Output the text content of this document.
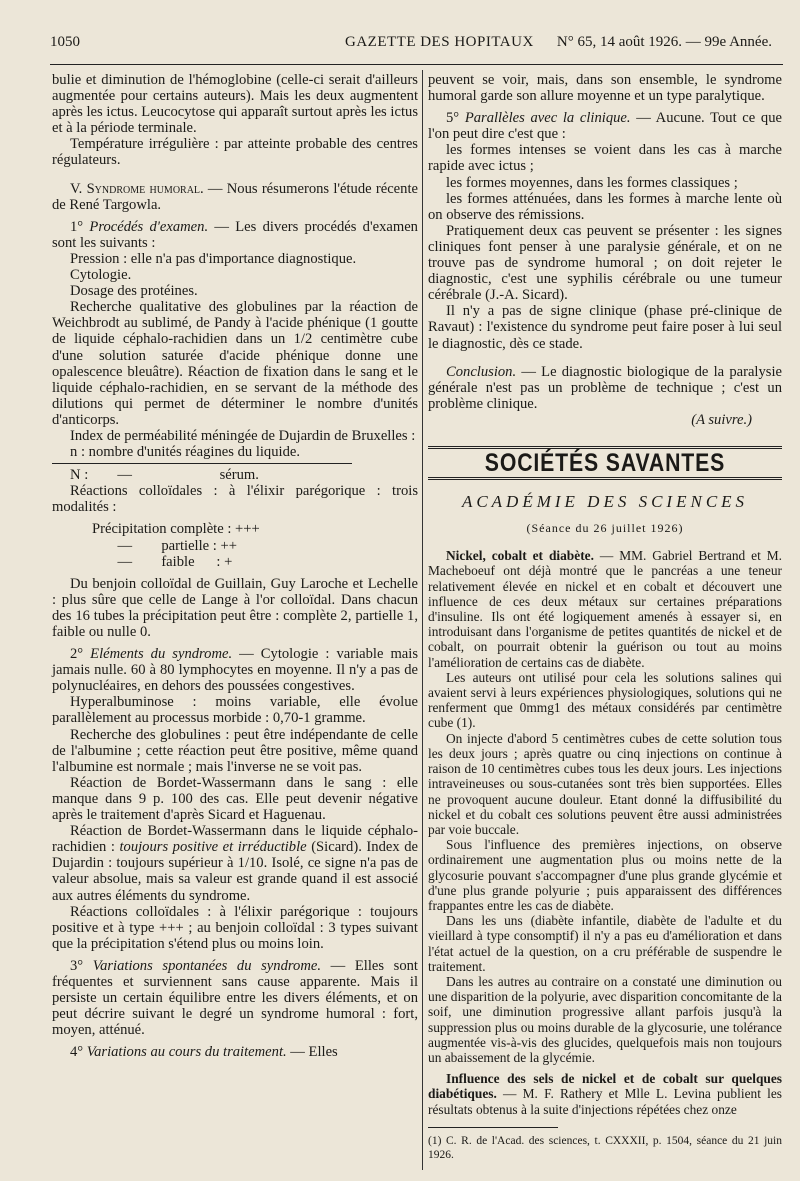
1050	GAZETTE DES HOPITAUX N° 65, 14 août 1926. — 99e Année.

bulie et diminution de l'hémoglobine (celle-ci serait d'ailleurs augmentée pour certains auteurs). Mais les deux augmentent après les ictus. Leucocytose qui apparaît surtout après les ictus et à la période terminale.

Température irrégulière : par atteinte probable des centres régulateurs.

V. Syndrome humoral. — Nous résumerons l'étude récente de René Targowla.

1° Procédés d'examen. — Les divers procédés d'examen sont les suivants :

Pression : elle n'a pas d'importance diagnostique.

Cytologie.

Dosage des protéines.

Recherche qualitative des globulines par la réaction de Weichbrodt au sublimé, de Pandy à l'acide phénique (1 goutte de liquide céphalo-rachidien dans un 1/2 centimètre cube d'une solution saturée d'acide phénique donne une opalescence bleuâtre). Réaction de fixation dans le sang et le liquide céphalo-rachidien, en se servant de la méthode des dilutions qui permet de déterminer le nombre d'unités d'anticorps.

Index de perméabilité méningée de Dujardin de Bruxelles :

n : nombre d'unités réagines du liquide.

N :        —                        sérum.

Réactions colloïdales : à l'élixir parégorique : trois modalités :

Précipitation complète : +++
—        partielle : ++
—        faible      : +

Du benjoin colloïdal de Guillain, Guy Laroche et Lechelle : plus sûre que celle de Lange à l'or colloïdal. Dans chacun des 16 tubes la précipitation peut être : complète 2, partielle 1, faible ou nulle 0.

2° Eléments du syndrome. — Cytologie : variable mais jamais nulle. 60 à 80 lymphocytes en moyenne. Il n'y a pas de polynucléaires, en dehors des poussées congestives.

Hyperalbuminose : moins variable, elle évolue parallèlement au processus morbide : 0,70-1 gramme.

Recherche des globulines : peut être indépendante de celle de l'albumine ; cette réaction peut être positive, même quand l'albumine est normale ; mais l'inverse ne se voit pas.

Réaction de Bordet-Wassermann dans le sang : elle manque dans 9 p. 100 des cas. Elle peut devenir négative après le traitement d'après Sicard et Haguenau.

Réaction de Bordet-Wassermann dans le liquide céphalo-rachidien : toujours positive et irréductible (Sicard). Index de Dujardin : toujours supérieur à 1/10. Isolé, ce signe n'a pas de valeur absolue, mais sa valeur est grande quand il est associé aux autres éléments du syndrome.

Réactions colloïdales : à l'élixir parégorique : toujours positive et à type +++ ; au benjoin colloïdal : 3 types suivant que la précipitation s'étend plus ou moins loin.

3° Variations spontanées du syndrome. — Elles sont fréquentes et surviennent sans cause apparente. Mais il persiste un certain équilibre entre les divers éléments, et on peut décrire suivant le degré un syndrome humoral : fort, moyen, atténué.

4° Variations au cours du traitement. — Elles

peuvent se voir, mais, dans son ensemble, le syndrome humoral garde son allure moyenne et un type paralytique.

5° Parallèles avec la clinique. — Aucune. Tout ce que l'on peut dire c'est que :

les formes intenses se voient dans les cas à marche rapide avec ictus ;

les formes moyennes, dans les formes classiques ;

les formes atténuées, dans les formes à marche lente où on observe des rémissions.

Pratiquement deux cas peuvent se présenter : les signes cliniques font penser à une paralysie générale, et on ne trouve pas de syndrome humoral ; on doit rejeter le diagnostic, c'est une syphilis cérébrale ou une tumeur cérébrale (J.-A. Sicard).

Il n'y a pas de signe clinique (phase pré-clinique de Ravaut) : l'existence du syndrome peut faire poser à lui seul le diagnostic, dès ce stade.

Conclusion. — Le diagnostic biologique de la paralysie générale n'est pas un problème de technique ; c'est un problème clinique.

(A suivre.)

SOCIÉTÉS SAVANTES
ACADÉMIE DES SCIENCES
(Séance du 26 juillet 1926)

Nickel, cobalt et diabète. — MM. Gabriel Bertrand et M. Macheboeuf ont déjà montré que le pancréas a une teneur relativement élevée en nickel et en cobalt et découvert une influence de ces deux métaux sur certaines préparations d'insuline. Ils ont été logiquement amenés à essayer si, en introduisant dans l'organisme de petites quantités de nickel et de cobalt, on pourrait obtenir la guérison ou tout au moins l'amélioration de certains cas de diabète.

Les auteurs ont utilisé pour cela les solutions salines qui avaient servi à leurs expériences physiologiques, solutions qui ne renferment que 0mmg1 des métaux considérés par centimètre cube (1).

On injecte d'abord 5 centimètres cubes de cette solution tous les deux jours ; après quatre ou cinq injections on continue à raison de 10 centimètres cubes tous les deux jours. Les injections intraveineuses ou sous-cutanées sont très bien supportées. Elles ne provoquent aucune douleur. Etant donné la diffusibilité du nickel et du cobalt ces solutions peuvent être aussi administrées par voie buccale.

Sous l'influence des premières injections, on observe ordinairement une augmentation plus ou moins nette de la glycosurie pouvant s'accompagner d'une plus grande glycémie et d'une plus grande polyurie ; puis apparaissent des différences frappantes entre les cas de diabète.

Dans les uns (diabète infantile, diabète de l'adulte et du vieillard à type consomptif) il n'y a pas eu d'amélioration et dans l'état actuel de la question, on a cru préférable de suspendre le traitement.

Dans les autres au contraire on a constaté une diminution ou une disparition de la polyurie, avec disparition concomitante de la soif, une diminution progressive allant parfois jusqu'à la suppression plus ou moins durable de la glycosurie, une tolérance augmentée vis-à-vis des glucides, quelquefois mais non toujours un abaissement de la glycémie.

Influence des sels de nickel et de cobalt sur quelques diabétiques. — M. F. Rathery et Mlle L. Levina publient les résultats obtenus à la suite d'injections répétées chez onze

(1) C. R. de l'Acad. des sciences, t. CXXXII, p. 1504, séance du 21 juin 1926.
